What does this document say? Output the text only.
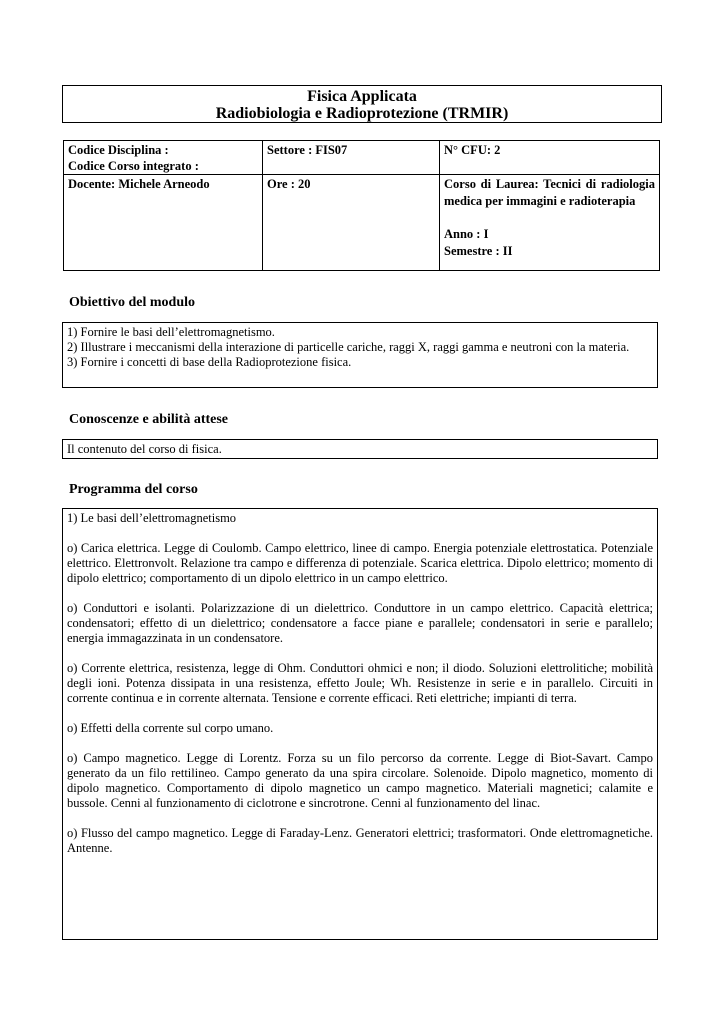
Fisica Applicata
Radiobiologia e Radioprotezione (TRMIR)
Codice Disciplina :
Codice Corso integrato :	Settore : FIS07	N° CFU: 2

Docente: Michele Arneodo	Ore : 20	Corso di Laurea: Tecnici di radiologia medica per immagini e radioterapia
Anno : I
Semestre : II
Obiettivo del modulo

1) Fornire le basi dell’elettromagnetismo.

2) Illustrare i meccanismi della interazione di particelle cariche, raggi X, raggi gamma e neutroni con la materia.

3) Fornire i concetti di base della Radioprotezione fisica.

Conoscenze e abilità attese

Il contenuto del corso di fisica.

Programma del corso

1) Le basi dell’elettromagnetismo

o) Carica elettrica. Legge di Coulomb. Campo elettrico, linee di campo. Energia potenziale elettrostatica. Potenziale elettrico. Elettronvolt. Relazione tra campo e differenza di potenziale. Scarica elettrica. Dipolo elettrico; momento di dipolo elettrico; comportamento di un dipolo elettrico in un campo elettrico.

o) Conduttori e isolanti. Polarizzazione di un dielettrico. Conduttore in un campo elettrico. Capacità elettrica; condensatori; effetto di un dielettrico; condensatore a facce piane e parallele; condensatori in serie e parallelo; energia immagazzinata in un condensatore.

o) Corrente elettrica, resistenza, legge di Ohm. Conduttori ohmici e non; il diodo. Soluzioni elettrolitiche; mobilità degli ioni. Potenza dissipata in una resistenza, effetto Joule; Wh. Resistenze in serie e in parallelo. Circuiti in corrente continua e in corrente alternata. Tensione e corrente efficaci. Reti elettriche; impianti di terra.

o) Effetti della corrente sul corpo umano.

o) Campo magnetico. Legge di Lorentz. Forza su un filo percorso da corrente. Legge di Biot-Savart. Campo generato da un filo rettilineo. Campo generato da una spira circolare. Solenoide. Dipolo magnetico, momento di dipolo magnetico. Comportamento di dipolo magnetico un campo magnetico. Materiali magnetici; calamite e bussole. Cenni al funzionamento di ciclotrone e sincrotrone. Cenni al funzionamento del linac.

o) Flusso del campo magnetico. Legge di Faraday-Lenz. Generatori elettrici; trasformatori. Onde elettromagnetiche. Antenne.
